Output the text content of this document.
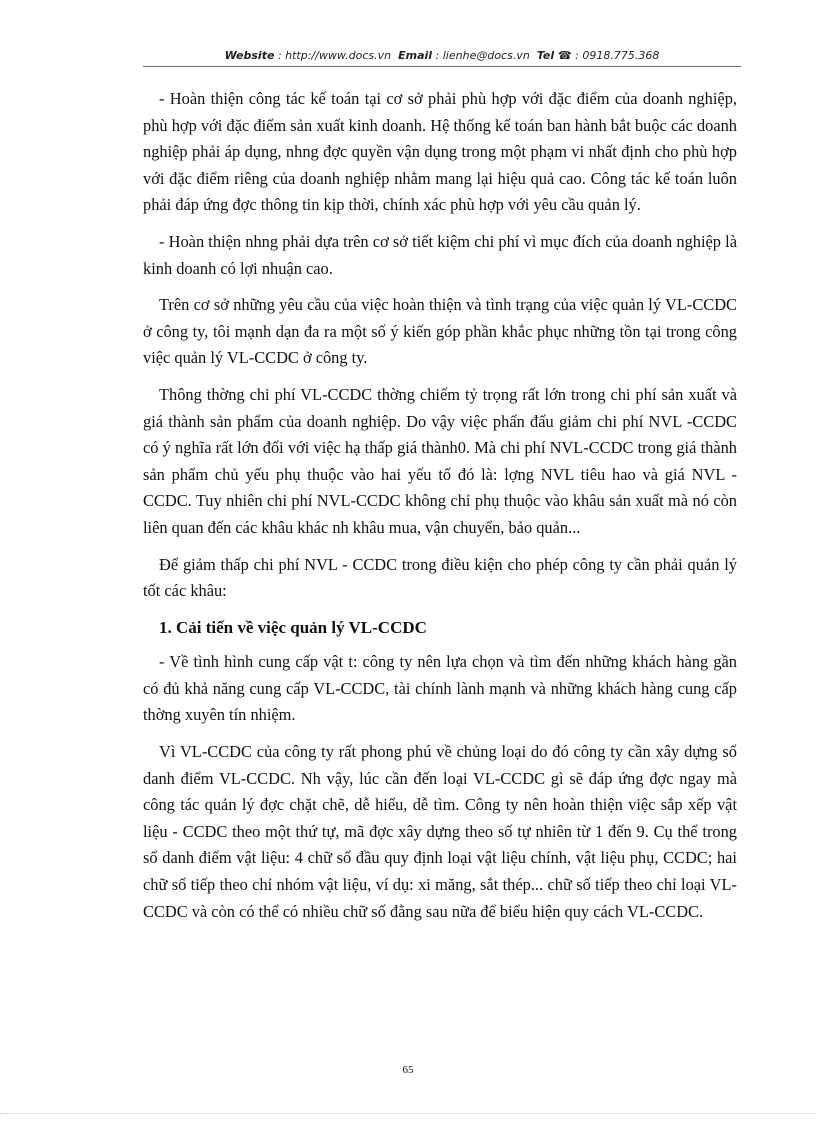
Website : http://www.docs.vn Email : lienhe@docs.vn Tel ☎ : 0918.775.368

- Hoàn thiện công tác kế toán tại cơ sở phải phù hợp với đặc điểm của doanh nghiệp, phù hợp với đặc điểm sản xuất kinh doanh. Hệ thống kế toán ban hành bắt buộc các doanh nghiệp phải áp dụng, nhng đợc quyền vận dụng trong một phạm vi nhất định cho phù hợp với đặc điểm riêng của doanh nghiệp nhằm mang lại hiệu quả cao. Công tác kế toán luôn phải đáp ứng đợc thông tin kịp thời, chính xác phù hợp với yêu cầu quản lý.

- Hoàn thiện nhng phải dựa trên cơ sở tiết kiệm chi phí vì mục đích của doanh nghiệp là kinh doanh có lợi nhuận cao.

Trên cơ sở những yêu cầu của việc hoàn thiện và tình trạng của việc quản lý VL-CCDC ở công ty, tôi mạnh dạn đa ra một số ý kiến góp phần khắc phục những tồn tại trong công việc quản lý VL-CCDC ở công ty.

Thông thờng chi phí VL-CCDC thờng chiếm tỷ trọng rất lớn trong chi phí sản xuất và giá thành sản phẩm của doanh nghiệp. Do vậy việc phấn đấu giảm chi phí NVL -CCDC có ý nghĩa rất lớn đối với việc hạ thấp giá thành0. Mà chi phí NVL-CCDC trong giá thành sản phẩm chủ yếu phụ thuộc vào hai yếu tố đó là: lợng NVL tiêu hao và giá NVL - CCDC. Tuy nhiên chi phí NVL-CCDC không chỉ phụ thuộc vào khâu sản xuất mà nó còn liên quan đến các khâu khác nh khâu mua, vận chuyển, bảo quản...

Để giảm thấp chi phí NVL - CCDC trong điều kiện cho phép công ty cần phải quản lý tốt các khâu:

1. Cải tiến về việc quản lý VL-CCDC

- Về tình hình cung cấp vật t: công ty nên lựa chọn và tìm đến những khách hàng gần có đủ khả năng cung cấp VL-CCDC, tài chính lành mạnh và những khách hàng cung cấp thờng xuyên tín nhiệm.

Vì VL-CCDC của công ty rất phong phú về chủng loại do đó công ty cần xây dựng sổ danh điểm VL-CCDC. Nh vậy, lúc cần đến loại VL-CCDC gì sẽ đáp ứng đợc ngay mà công tác quản lý đợc chặt chẽ, dễ hiểu, dễ tìm. Công ty nên hoàn thiện việc sắp xếp vật liệu - CCDC theo một thứ tự, mã đợc xây dựng theo số tự nhiên từ 1 đến 9. Cụ thể trong sổ danh điểm vật liệu: 4 chữ số đầu quy định loại vật liệu chính, vật liệu phụ, CCDC; hai chữ số tiếp theo chỉ nhóm vật liệu, ví dụ: xi măng, sắt thép... chữ số tiếp theo chỉ loại VL-CCDC và còn có thể có nhiều chữ số đằng sau nữa để biểu hiện quy cách VL-CCDC.

65
